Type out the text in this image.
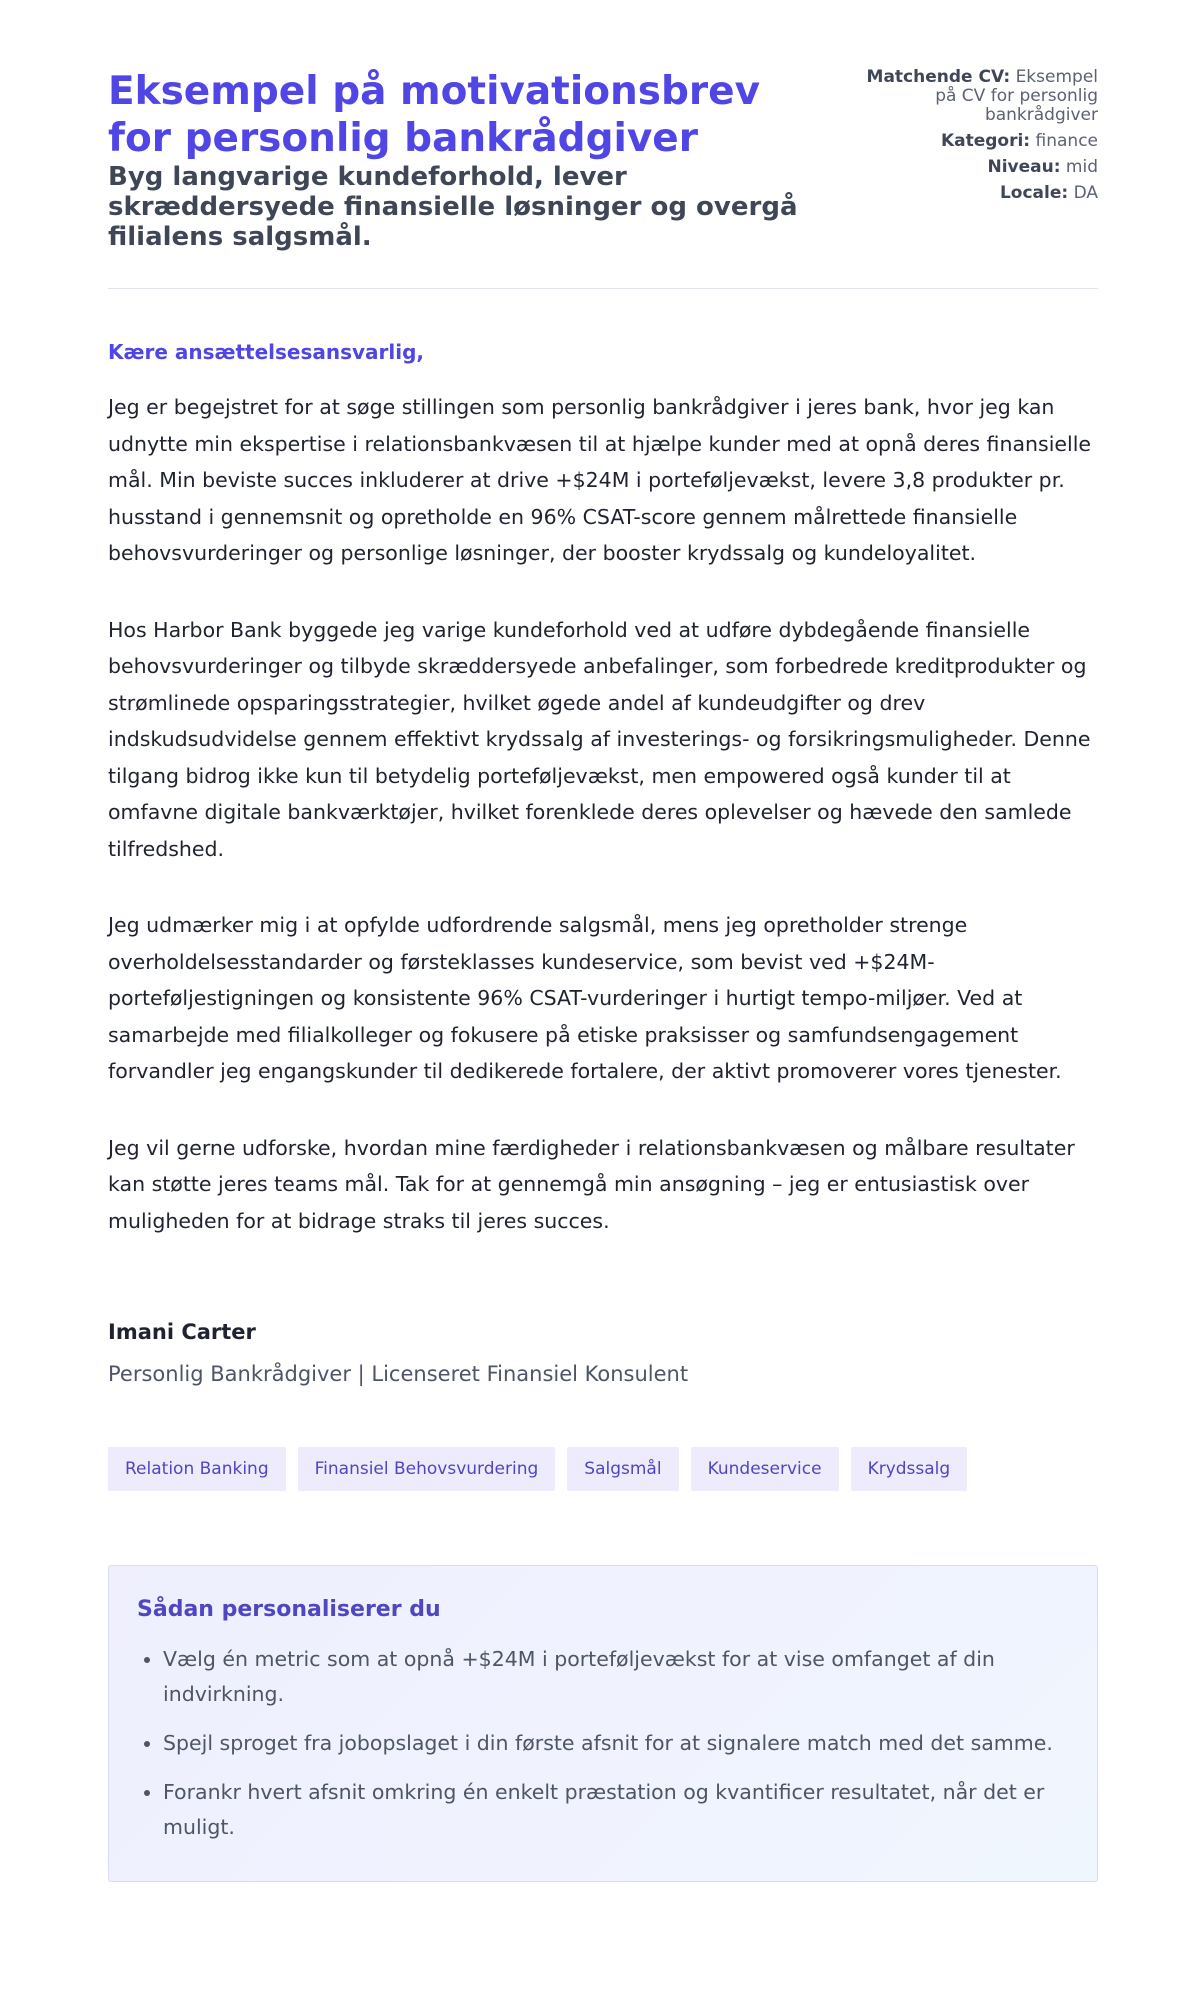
Eksempel på motivationsbrev for personlig bankrådgiver
Byg langvarige kundeforhold, lever skræddersyede finansielle løsninger og overgå filialens salgsmål.
Matchende CV: Eksempel på CV for personlig bankrådgiver
Kategori: finance
Niveau: mid
Locale: DA
Kære ansættelsesansvarlig,

Jeg er begejstret for at søge stillingen som personlig bankrådgiver i jeres bank, hvor jeg kan udnytte min ekspertise i relationsbankvæsen til at hjælpe kunder med at opnå deres finansielle mål. Min beviste succes inkluderer at drive +$24M i porteføljevækst, levere 3,8 produkter pr. husstand i gennemsnit og opretholde en 96% CSAT-score gennem målrettede finansielle behovsvurderinger og personlige løsninger, der booster krydssalg og kundeloyalitet.

Hos Harbor Bank byggede jeg varige kundeforhold ved at udføre dybdegående finansielle behovsvurderinger og tilbyde skræddersyede anbefalinger, som forbedrede kreditprodukter og strømlinede opsparingsstrategier, hvilket øgede andel af kundeudgifter og drev indskudsudvidelse gennem effektivt krydssalg af investerings- og forsikringsmuligheder. Denne tilgang bidrog ikke kun til betydelig porteføljevækst, men empowered også kunder til at omfavne digitale bankværktøjer, hvilket forenklede deres oplevelser og hævede den samlede tilfredshed.

Jeg udmærker mig i at opfylde udfordrende salgsmål, mens jeg opretholder strenge overholdelsesstandarder og førsteklasses kundeservice, som bevist ved +$24M-porteføljestigningen og konsistente 96% CSAT-vurderinger i hurtigt tempo-miljøer. Ved at samarbejde med filialkolleger og fokusere på etiske praksisser og samfundsengagement forvandler jeg engangskunder til dedikerede fortalere, der aktivt promoverer vores tjenester.

Jeg vil gerne udforske, hvordan mine færdigheder i relationsbankvæsen og målbare resultater kan støtte jeres teams mål. Tak for at gennemgå min ansøgning – jeg er entusiastisk over muligheden for at bidrage straks til jeres succes.

Imani Carter
Personlig Bankrådgiver | Licenseret Finansiel Konsulent
Relation Banking	Finansiel Behovsvurdering	Salgsmål	Kundeservice	Krydssalg
Sådan personaliserer du
• Vælg én metric som at opnå +$24M i porteføljevækst for at vise omfanget af din indvirkning.
• Spejl sproget fra jobopslaget i din første afsnit for at signalere match med det samme.
• Forankr hvert afsnit omkring én enkelt præstation og kvantificer resultatet, når det er muligt.
